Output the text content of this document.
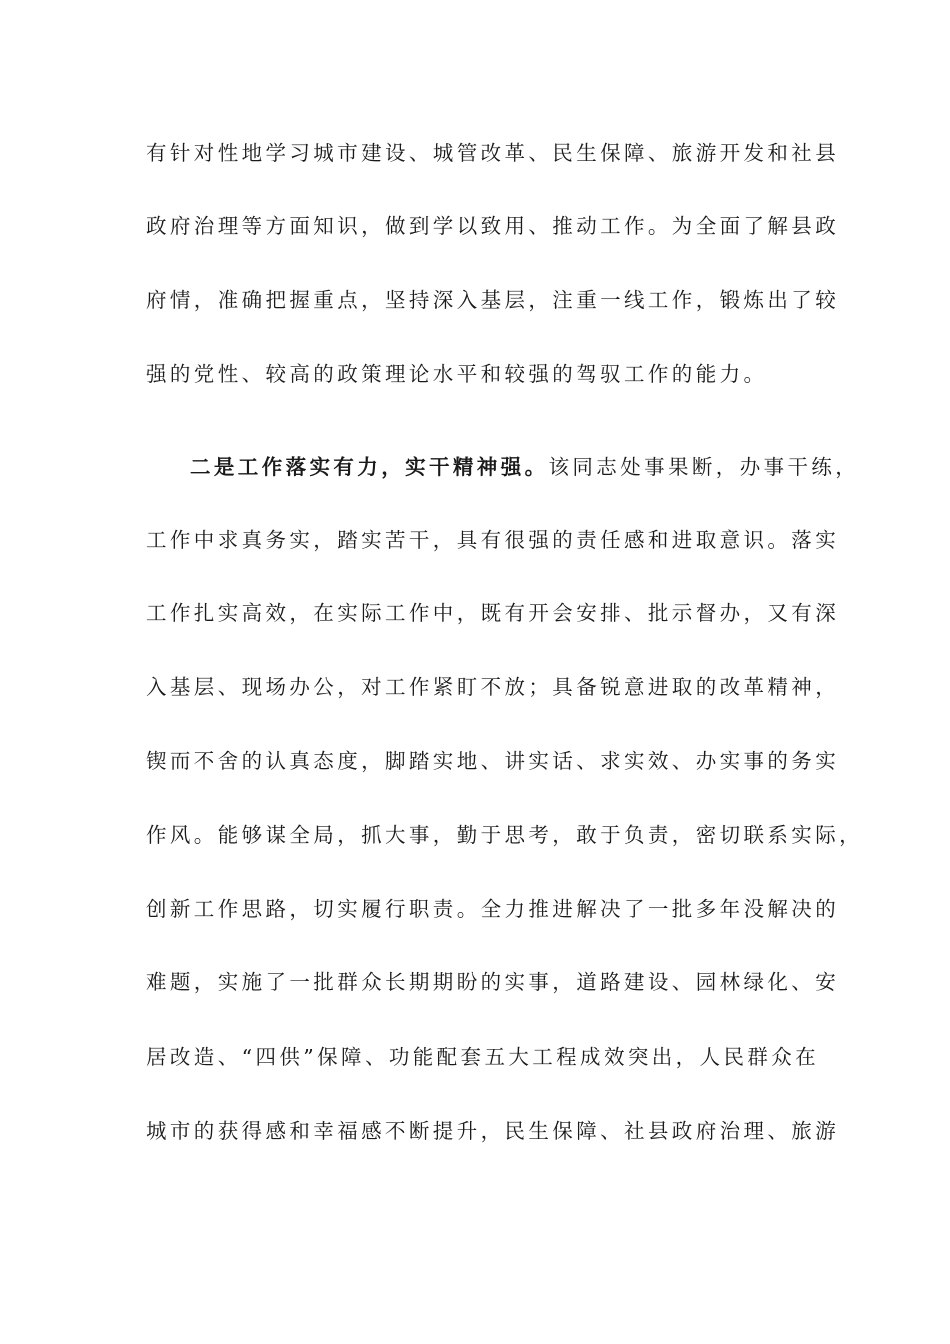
有针对性地学习城市建设、城管改革、民生保障、旅游开发和社县
政府治理等方面知识，做到学以致用、推动工作。为全面了解县政
府情，准确把握重点，坚持深入基层，注重一线工作，锻炼出了较
强的党性、较高的政策理论水平和较强的驾驭工作的能力。
二是工作落实有力，实干精神强。该同志处事果断，办事干练，
工作中求真务实，踏实苦干，具有很强的责任感和进取意识。落实
工作扎实高效，在实际工作中，既有开会安排、批示督办，又有深
入基层、现场办公，对工作紧盯不放；具备锐意进取的改革精神，
锲而不舍的认真态度，脚踏实地、讲实话、求实效、办实事的务实
作风。能够谋全局，抓大事，勤于思考，敢于负责，密切联系实际，
创新工作思路，切实履行职责。全力推进解决了一批多年没解决的
难题，实施了一批群众长期期盼的实事，道路建设、园林绿化、安
居改造、“四供”保障、功能配套五大工程成效突出，人民群众在
城市的获得感和幸福感不断提升，民生保障、社县政府治理、旅游
